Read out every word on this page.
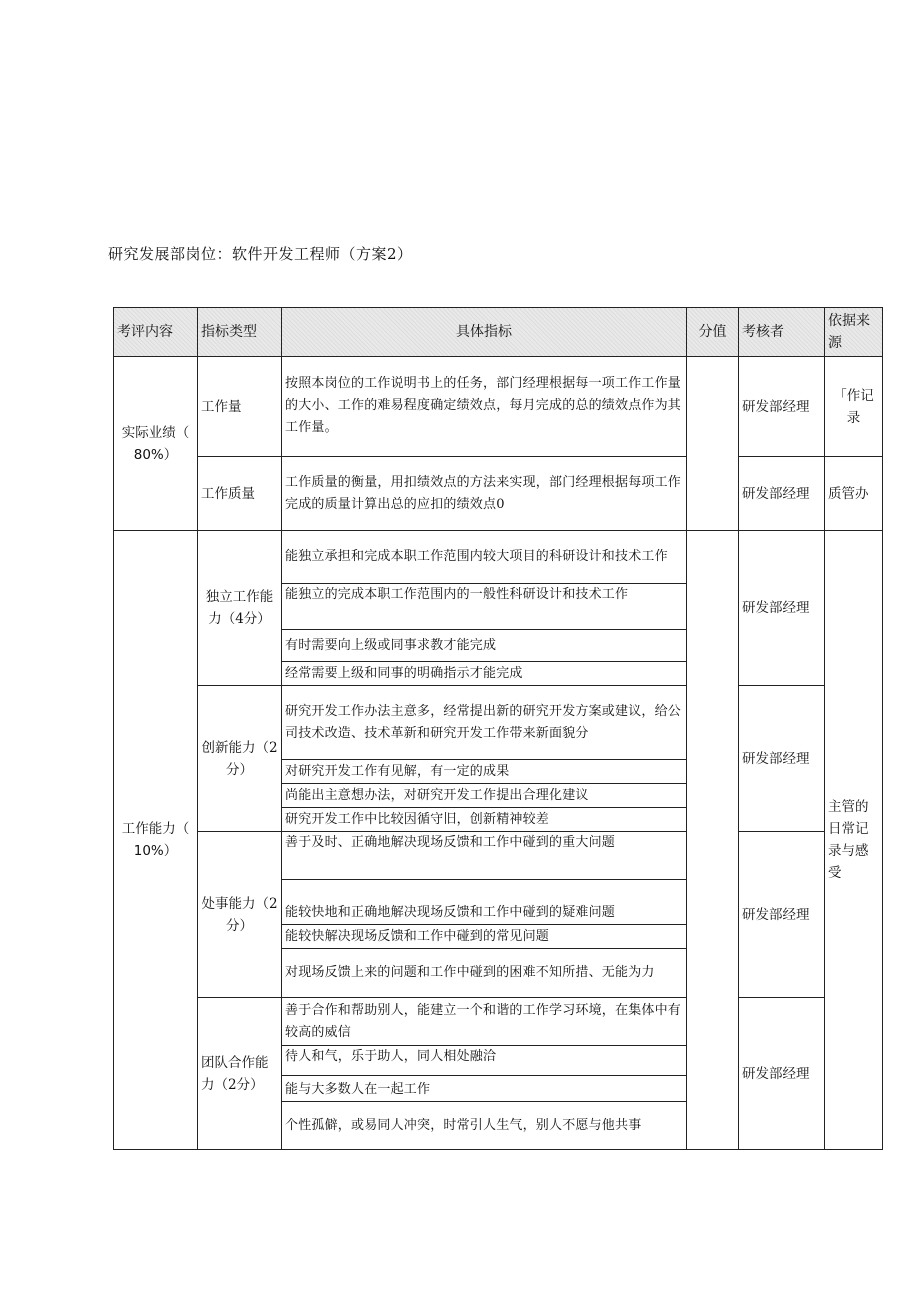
研究发展部岗位：软件开发工程师（方案2）
考评内容	指标类型	具体指标	分值	考核者	依据来源

实际业绩（
80%）	工作量	按照本岗位的工作说明书上的任务，部门经理根据每一项工作工作量的大小、工作的难易程度确定绩效点，每月完成的总的绩效点作为其工作量。		研发部经理	「作记录
	工作质量	工作质量的衡量，用扣绩效点的方法来实现，部门经理根据每项工作完成的质量计算出总的应扣的绩效点0		研发部经理	质管办

工作能力（
10%）	独立工作能力（4分）	能独立承担和完成本职工作范围内较大项目的科研设计和技术工作		研发部经理	主管的日常记录与感受
		能独立的完成本职工作范围内的一般性科研设计和技术工作			
		有时需要向上级或同事求教才能完成			
		经常需要上级和同事的明确指示才能完成			
	创新能力（2分）	研究开发工作办法主意多，经常提出新的研究开发方案或建议，给公司技术改造、技术革新和研究开发工作带来新面貌分		研发部经理	
		对研究开发工作有见解，有一定的成果			
		尚能出主意想办法，对研究开发工作提出合理化建议			
		研究开发工作中比较因循守旧，创新精神较差			
	处事能力（2分）	善于及时、正确地解决现场反馈和工作中碰到的重大问题		研发部经理	
		能较快地和正确地解决现场反馈和工作中碰到的疑难问题			
		能较快解决现场反馈和工作中碰到的常见问题			
		对现场反馈上来的问题和工作中碰到的困难不知所措、无能为力			
	团队合作能力（2分）	善于合作和帮助别人，能建立一个和谐的工作学习环境，在集体中有较高的威信		研发部经理	
		待人和气，乐于助人，同人相处融洽			
		能与大多数人在一起工作			
		个性孤僻，或易同人冲突，时常引人生气，别人不愿与他共事			
